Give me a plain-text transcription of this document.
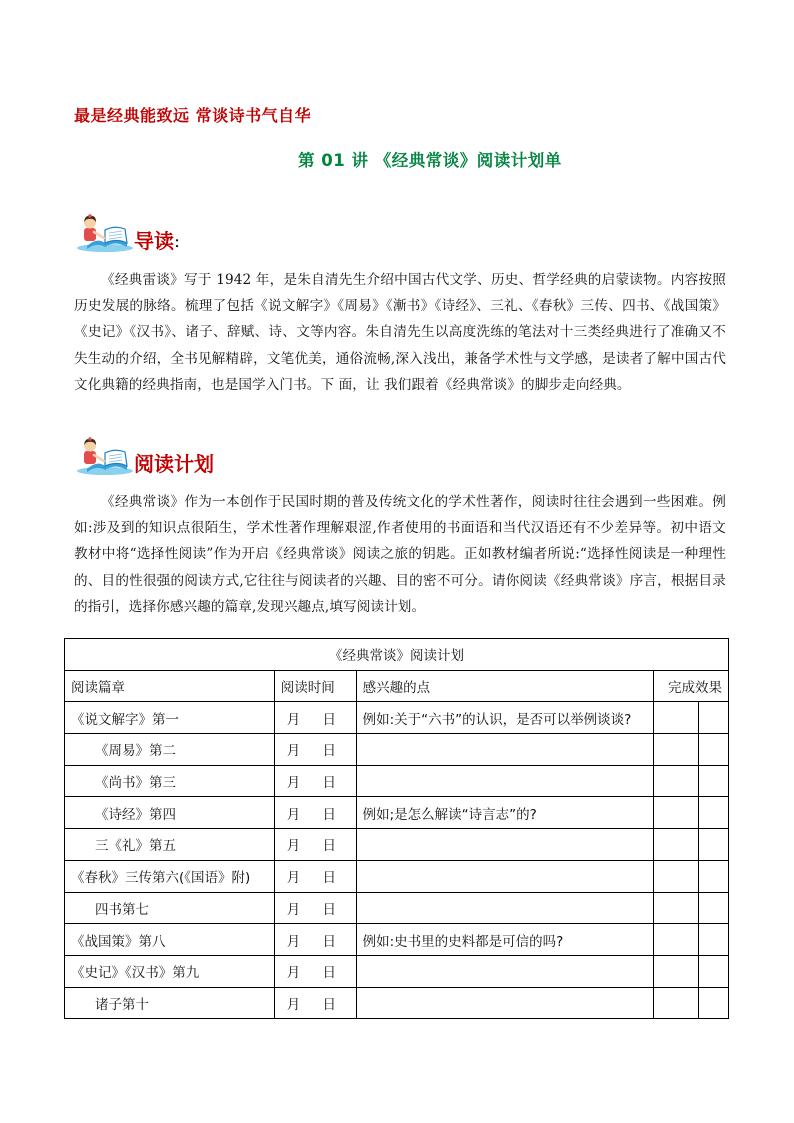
最是经典能致远 常谈诗书气自华
第 01 讲 《经典常谈》阅读计划单
导读 :
《经典雷谈》写于 1942 年，是朱自清先生介绍中国古代文学、历史、哲学经典的启蒙读物。内容按照历史发展的脉络。梳理了包括《说文解字》《周易》《漸书》《诗经》、三礼、《春秋》三传、四书、《战国策》《史记》《汉书》、诸子、辞赋、诗、文等内容。朱自清先生以高度洗练的笔法对十三类经典进行了准确又不失生动的介绍，全书见解精辟，文笔优美，通俗流畅,深入浅出，兼备学术性与文学感，是读者了解中国古代文化典籍的经典指南，也是国学入门书。下 面，让 我们跟着《经典常谈》的脚步走向经典。
阅读计划
《经典常谈》作为一本创作于民国时期的普及传统文化的学术性著作，阅读时往往会遇到一些困难。例如:涉及到的知识点很陌生，学术性著作理解艰涩,作者使用的书面语和当代汉语还有不少差异等。初中语文教材中将“选择性阅读”作为开启《经典常谈》阅读之旅的钥匙。正如教材编者所说:“选择性阅读是一种理性的、目的性很强的阅读方式,它往往与阅读者的兴趣、目的密不可分。请你阅读《经典常谈》序言，根据目录的指引，选择你感兴趣的篇章,发现兴趣点,填写阅读计划。
《经典常谈》阅读计划				
阅读篇章	阅读时间	感兴趣的点	完成效果	
《说文解字》第一	月 日	例如:关于“六书”的认识，是否可以举例谈谈?		
《周易》第二	月 日			
《尚书》第三	月 日			
《诗经》第四	月 日	例如;是怎么解读“诗言志”的?		
三《礼》第五	月 日			
《春秋》三传第六(《国语》附)	月 日			
四书第七	月 日			
《战国策》第八	月 日	例如:史书里的史料都是可信的吗?		
《史记》《汉书》第九	月 日			
诸子第十	月 日			
